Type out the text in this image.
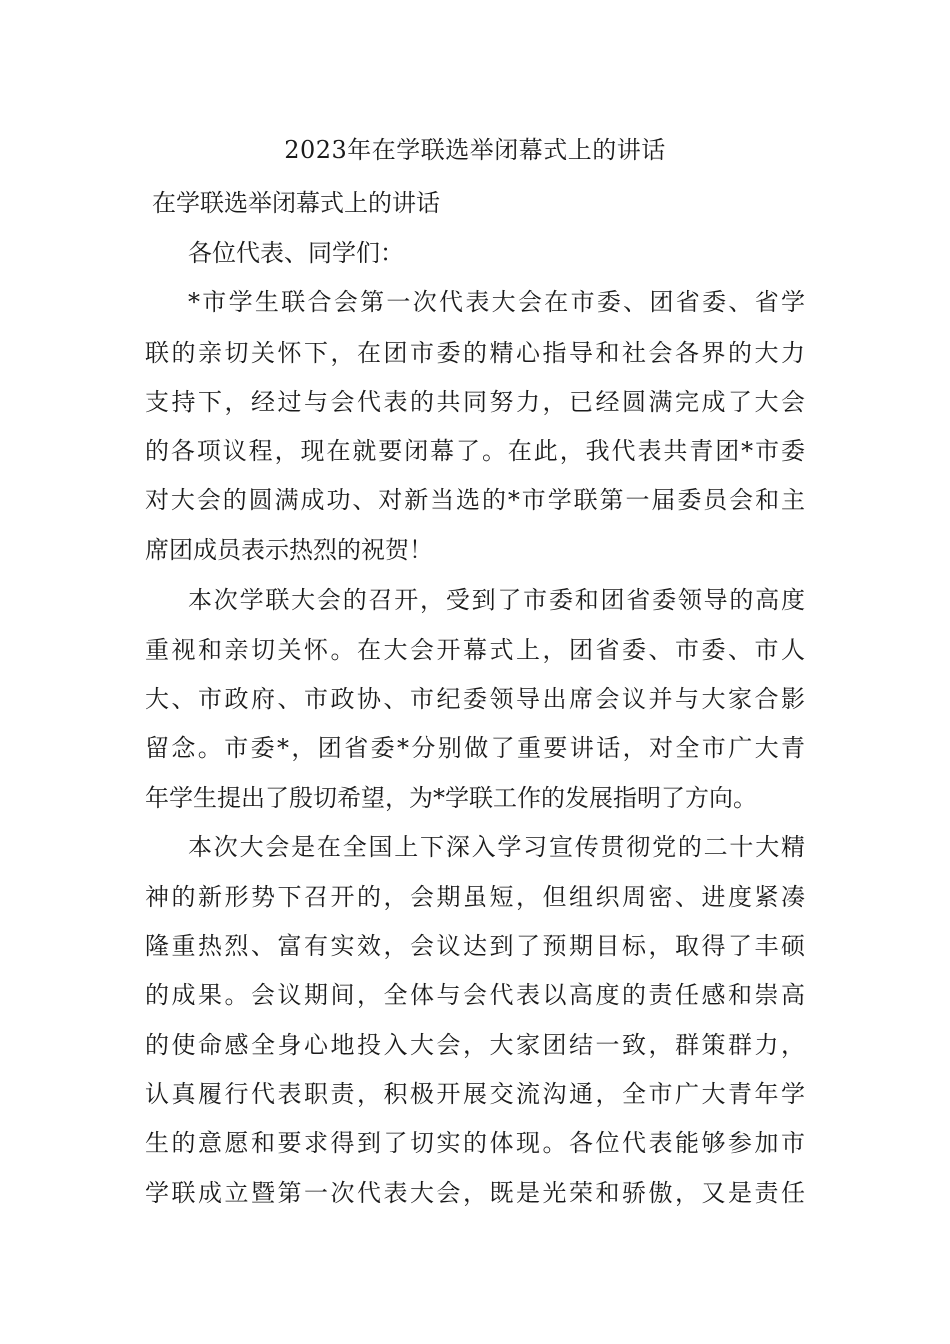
2023年在学联选举闭幕式上的讲话
在学联选举闭幕式上的讲话

各位代表、同学们：

*市学生联合会第一次代表大会在市委、团省委、省学

联的亲切关怀下，在团市委的精心指导和社会各界的大力

支持下，经过与会代表的共同努力，已经圆满完成了大会

的各项议程，现在就要闭幕了。在此，我代表共青团*市委

对大会的圆满成功、对新当选的*市学联第一届委员会和主

席团成员表示热烈的祝贺！

本次学联大会的召开，受到了市委和团省委领导的高度

重视和亲切关怀。在大会开幕式上，团省委、市委、市人

大、市政府、市政协、市纪委领导出席会议并与大家合影

留念。市委*，团省委*分别做了重要讲话，对全市广大青

年学生提出了殷切希望，为*学联工作的发展指明了方向。

本次大会是在全国上下深入学习宣传贯彻党的二十大精

神的新形势下召开的，会期虽短，但组织周密、进度紧凑

隆重热烈、富有实效，会议达到了预期目标，取得了丰硕

的成果。会议期间，全体与会代表以高度的责任感和崇高

的使命感全身心地投入大会，大家团结一致，群策群力，

认真履行代表职责，积极开展交流沟通，全市广大青年学

生的意愿和要求得到了切实的体现。各位代表能够参加市

学联成立暨第一次代表大会，既是光荣和骄傲，又是责任
